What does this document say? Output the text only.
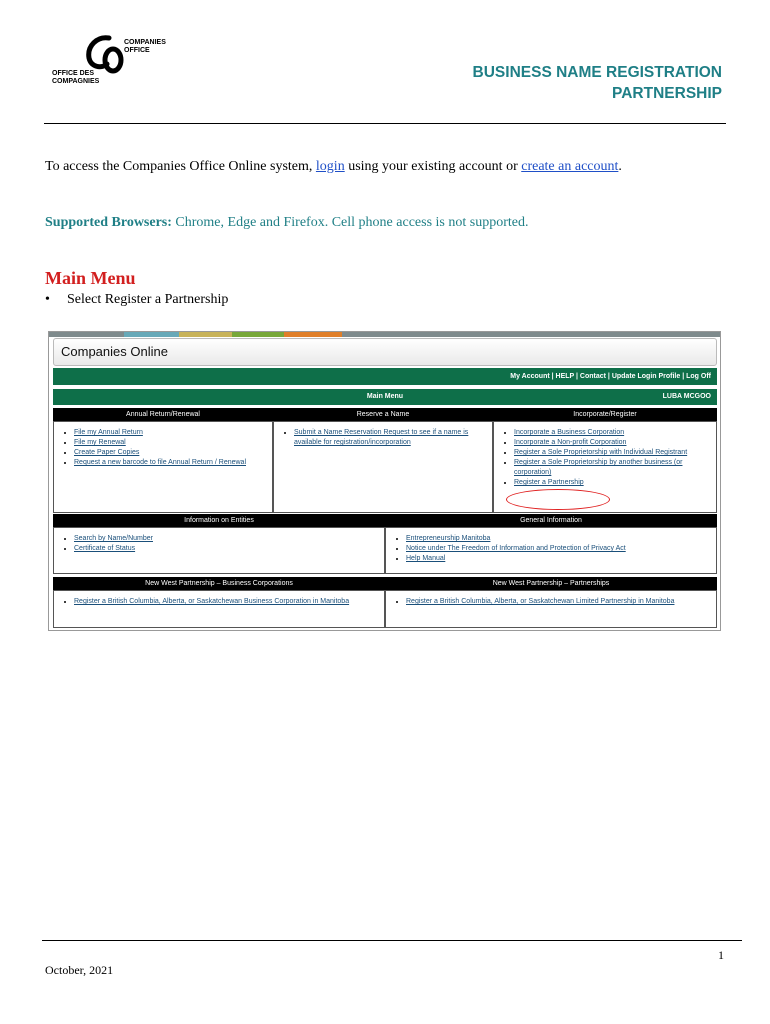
COMPANIES
OFFICE
OFFICE DES
COMPAGNIES
BUSINESS NAME REGISTRATION
PARTNERSHIP
To access the Companies Office Online system, login using your existing account or create an account.
Supported Browsers: Chrome, Edge and Firefox. Cell phone access is not supported.
Main Menu
• Select Register a Partnership
Companies Online
My Account | HELP | Contact | Update Login Profile | Log Off
Main Menu	LUBA MCGOO
Annual Return/Renewal	Reserve a Name	Incorporate/Register
• File my Annual Return
• File my Renewal
• Create Paper Copies
• Request a new barcode to file Annual Return / Renewal
• Submit a Name Reservation Request to see if a name is available for registration/incorporation
• Incorporate a Business Corporation
• Incorporate a Non-profit Corporation
• Register a Sole Proprietorship with Individual Registrant
• Register a Sole Proprietorship by another business (or corporation)
• Register a Partnership
Information on Entities	General Information
• Search by Name/Number
• Certificate of Status
• Entrepreneurship Manitoba
• Notice under The Freedom of Information and Protection of Privacy Act
• Help Manual
New West Partnership – Business Corporations	New West Partnership – Partnerships
• Register a British Columbia, Alberta, or Saskatchewan Business Corporation in Manitoba
•	Register a British Columbia, Alberta, or Saskatchewan Limited Partnership in Manitoba
1
October, 2021
